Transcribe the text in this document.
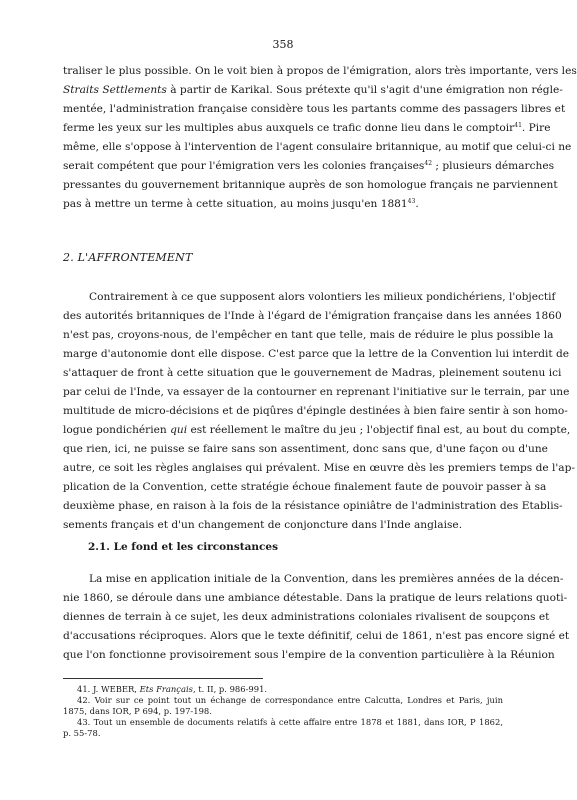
358
traliser le plus possible. On le voit bien à propos de l'émigration, alors très importante, vers les
Straits Settlements à partir de Karikal. Sous prétexte qu'il s'agit d'une émigration non régle-
mentée, l'administration française considère tous les partants comme des passagers libres et
ferme les yeux sur les multiples abus auxquels ce trafic donne lieu dans le comptoir$^{41}$. Pire
même, elle s'oppose à l'intervention de l'agent consulaire britannique, au motif que celui-ci ne
serait compétent que pour l'émigration vers les colonies françaises$^{42}$ ; plusieurs démarches
pressantes du gouvernement britannique auprès de son homologue français ne parviennent
pas à mettre un terme à cette situation, au moins jusqu'en 1881$^{43}$.
2. L'AFFRONTEMENT
Contrairement à ce que supposent alors volontiers les milieux pondichériens, l'objectif
des autorités britanniques de l'Inde à l'égard de l'émigration française dans les années 1860
n'est pas, croyons-nous, de l'empêcher en tant que telle, mais de réduire le plus possible la
marge d'autonomie dont elle dispose. C'est parce que la lettre de la Convention lui interdit de
s'attaquer de front à cette situation que le gouvernement de Madras, pleinement soutenu ici
par celui de l'Inde, va essayer de la contourner en reprenant l'initiative sur le terrain, par une
multitude de micro-décisions et de piqûres d'épingle destinées à bien faire sentir à son homo-
logue pondichérien qui est réellement le maître du jeu ; l'objectif final est, au bout du compte,
que rien, ici, ne puisse se faire sans son assentiment, donc sans que, d'une façon ou d'une
autre, ce soit les règles anglaises qui prévalent. Mise en œuvre dès les premiers temps de l'ap-
plication de la Convention, cette stratégie échoue finalement faute de pouvoir passer à sa
deuxième phase, en raison à la fois de la résistance opiniâtre de l'administration des Etablis-
sements français et d'un changement de conjoncture dans l'Inde anglaise.
2.1. Le fond et les circonstances
La mise en application initiale de la Convention, dans les premières années de la décen-
nie 1860, se déroule dans une ambiance détestable. Dans la pratique de leurs relations quoti-
diennes de terrain à ce sujet, les deux administrations coloniales rivalisent de soupçons et
d'accusations réciproques. Alors que le texte définitif, celui de 1861, n'est pas encore signé et
que l'on fonctionne provisoirement sous l'empire de la convention particulière à la Réunion
41. J. WEBER, Ets Français, t. II, p. 986-991.
42. Voir sur ce point tout un échange de correspondance entre Calcutta, Londres et Paris, juin
1875, dans IOR, P 694, p. 197-198.
43. Tout un ensemble de documents relatifs à cette affaire entre 1878 et 1881, dans IOR, P 1862,
p. 55-78.
